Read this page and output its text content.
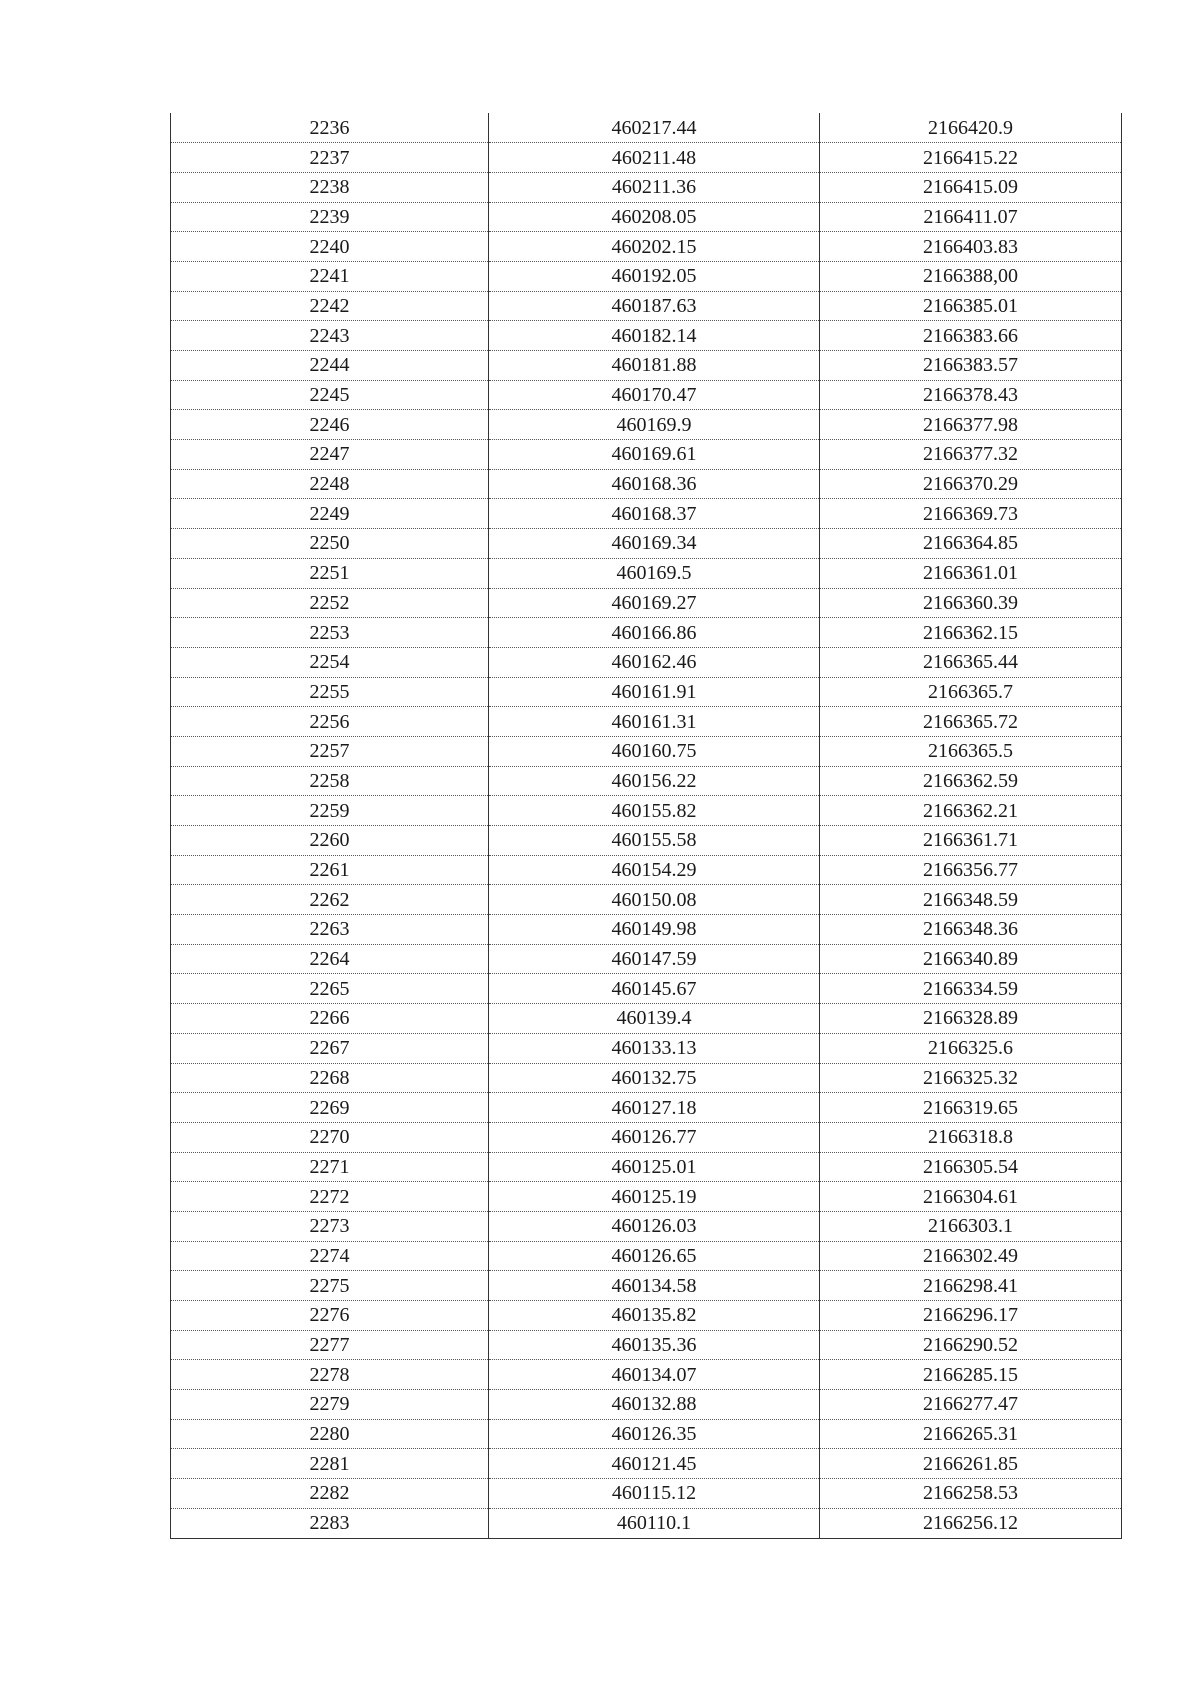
2236	460217.44	2166420.9
2237	460211.48	2166415.22
2238	460211.36	2166415.09
2239	460208.05	2166411.07
2240	460202.15	2166403.83
2241	460192.05	2166388,00
2242	460187.63	2166385.01
2243	460182.14	2166383.66
2244	460181.88	2166383.57
2245	460170.47	2166378.43
2246	460169.9	2166377.98
2247	460169.61	2166377.32
2248	460168.36	2166370.29
2249	460168.37	2166369.73
2250	460169.34	2166364.85
2251	460169.5	2166361.01
2252	460169.27	2166360.39
2253	460166.86	2166362.15
2254	460162.46	2166365.44
2255	460161.91	2166365.7
2256	460161.31	2166365.72
2257	460160.75	2166365.5
2258	460156.22	2166362.59
2259	460155.82	2166362.21
2260	460155.58	2166361.71
2261	460154.29	2166356.77
2262	460150.08	2166348.59
2263	460149.98	2166348.36
2264	460147.59	2166340.89
2265	460145.67	2166334.59
2266	460139.4	2166328.89
2267	460133.13	2166325.6
2268	460132.75	2166325.32
2269	460127.18	2166319.65
2270	460126.77	2166318.8
2271	460125.01	2166305.54
2272	460125.19	2166304.61
2273	460126.03	2166303.1
2274	460126.65	2166302.49
2275	460134.58	2166298.41
2276	460135.82	2166296.17
2277	460135.36	2166290.52
2278	460134.07	2166285.15
2279	460132.88	2166277.47
2280	460126.35	2166265.31
2281	460121.45	2166261.85
2282	460115.12	2166258.53
2283	460110.1	2166256.12
